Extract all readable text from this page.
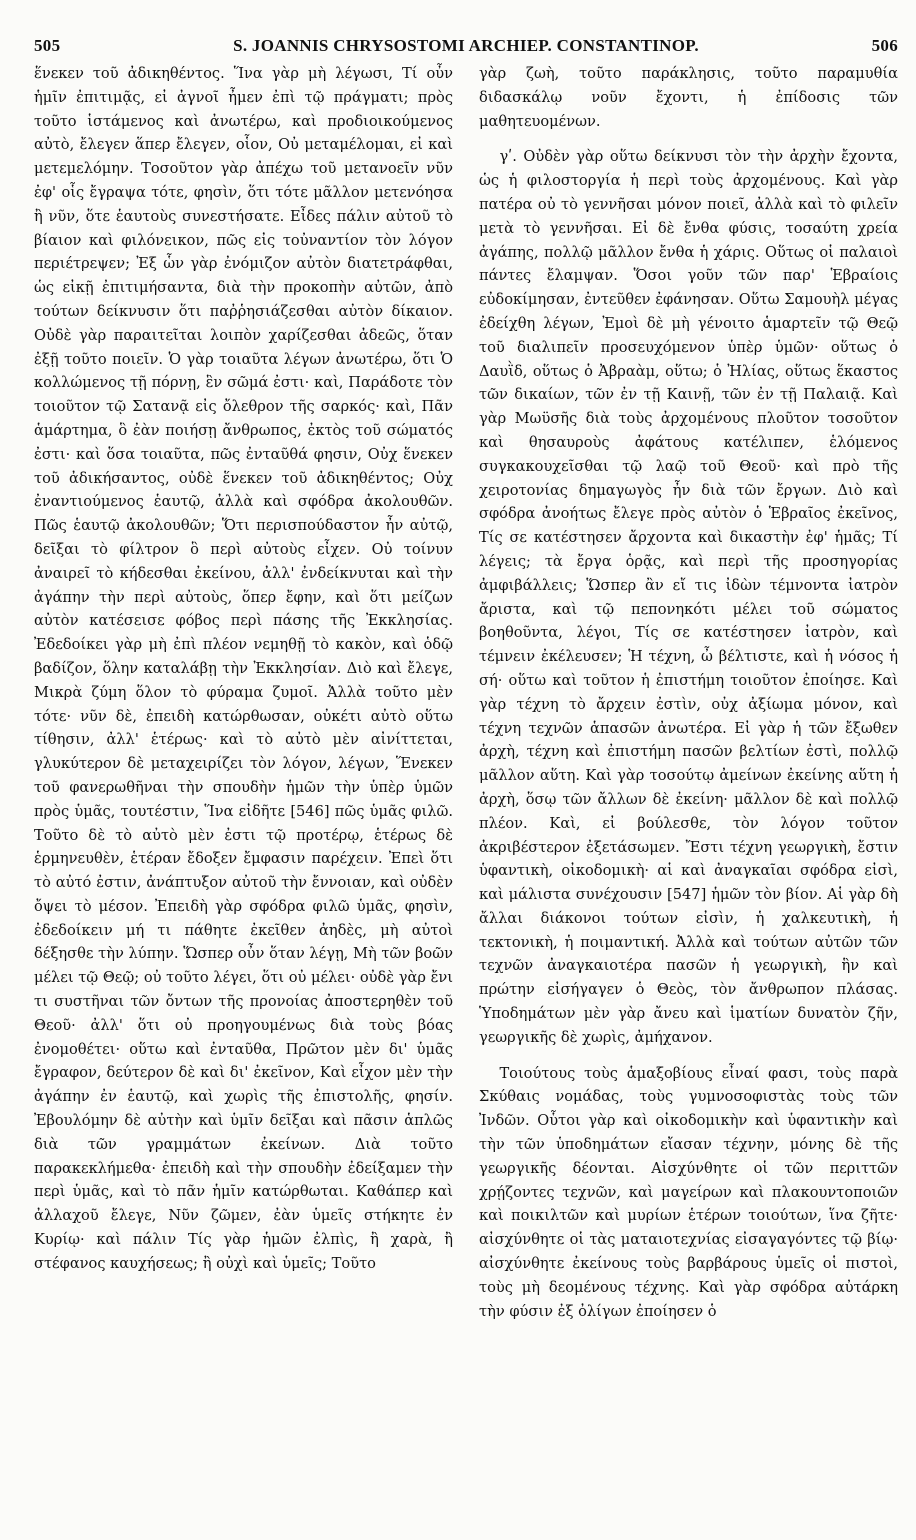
505	S. JOANNIS CHRYSOSTOMI ARCHIEP. CONSTANTINOP.	506

ἕνεκεν τοῦ ἀδικηθέντος. Ἵνα γὰρ μὴ λέγωσι, Τί οὖν ἡμῖν ἐπιτιμᾷς, εἰ ἀγνοῖ ἦμεν ἐπὶ τῷ πράγματι; πρὸς τοῦτο ἱστάμενος καὶ ἀνωτέρω, καὶ προδιοικούμενος αὐτὸ, ἔλεγεν ἅπερ ἔλεγεν, οἷον, Οὐ μεταμέλομαι, εἰ καὶ μετεμελόμην. Τοσοῦτον γὰρ ἀπέχω τοῦ μετανοεῖν νῦν ἐφ' οἷς ἔγραψα τότε, φησὶν, ὅτι τότε μᾶλλον μετενόησα ἢ νῦν, ὅτε ἑαυτοὺς συνεστήσατε. Εἶδες πάλιν αὐτοῦ τὸ βίαιον καὶ φιλόνεικον, πῶς εἰς τοὐναντίον τὸν λόγον περιέτρεψεν; Ἐξ ὧν γὰρ ἐνόμιζον αὐτὸν διατετράφθαι, ὡς εἰκῇ ἐπιτιμήσαντα, διὰ τὴν προκοπὴν αὐτῶν, ἀπὸ τούτων δείκνυσιν ὅτι παῤῥησιάζεσθαι αὐτὸν δίκαιον. Οὐδὲ γὰρ παραιτεῖται λοιπὸν χαρίζεσθαι ἀδεῶς, ὅταν ἐξῇ τοῦτο ποιεῖν. Ὁ γὰρ τοιαῦτα λέγων ἀνωτέρω, ὅτι Ὁ κολλώμενος τῇ πόρνῃ, ἓν σῶμά ἐστι· καὶ, Παράδοτε τὸν τοιοῦτον τῷ Σατανᾷ εἰς ὄλεθρον τῆς σαρκός· καὶ, Πᾶν ἁμάρτημα, ὃ ἐὰν ποιήσῃ ἄνθρωπος, ἐκτὸς τοῦ σώματός ἐστι· καὶ ὅσα τοιαῦτα, πῶς ἐνταῦθά φησιν, Οὐχ ἕνεκεν τοῦ ἀδικήσαντος, οὐδὲ ἕνεκεν τοῦ ἀδικηθέντος; Οὐχ ἐναντιούμενος ἑαυτῷ, ἀλλὰ καὶ σφόδρα ἀκολουθῶν. Πῶς ἑαυτῷ ἀκολουθῶν; Ὅτι περισπούδαστον ἦν αὐτῷ, δεῖξαι τὸ φίλτρον ὃ περὶ αὐτοὺς εἶχεν. Οὐ τοίνυν ἀναιρεῖ τὸ κήδεσθαι ἐκείνου, ἀλλ' ἐνδείκνυται καὶ τὴν ἀγάπην τὴν περὶ αὐτοὺς, ὅπερ ἔφην, καὶ ὅτι μείζων αὐτὸν κατέσεισε φόβος περὶ πάσης τῆς Ἐκκλησίας. Ἐδεδοίκει γὰρ μὴ ἐπὶ πλέον νεμηθῇ τὸ κακὸν, καὶ ὁδῷ βαδίζον, ὅλην καταλάβῃ τὴν Ἐκκλησίαν. Διὸ καὶ ἔλεγε, Μικρὰ ζύμη ὅλον τὸ φύραμα ζυμοῖ. Ἀλλὰ τοῦτο μὲν τότε· νῦν δὲ, ἐπειδὴ κατώρθωσαν, οὐκέτι αὐτὸ οὕτω τίθησιν, ἀλλ' ἑτέρως· καὶ τὸ αὐτὸ μὲν αἰνίττεται, γλυκύτερον δὲ μεταχειρίζει τὸν λόγον, λέγων, Ἕνεκεν τοῦ φανερωθῆναι τὴν σπουδὴν ἡμῶν τὴν ὑπὲρ ὑμῶν πρὸς ὑμᾶς, τουτέστιν, Ἵνα εἰδῆτε [546] πῶς ὑμᾶς φιλῶ. Τοῦτο δὲ τὸ αὐτὸ μὲν ἐστι τῷ προτέρῳ, ἑτέρως δὲ ἑρμηνευθὲν, ἑτέραν ἔδοξεν ἔμφασιν παρέχειν. Ἐπεὶ ὅτι τὸ αὐτό ἐστιν, ἀνάπτυξον αὐτοῦ τὴν ἔννοιαν, καὶ οὐδὲν ὄψει τὸ μέσον. Ἐπειδὴ γὰρ σφόδρα φιλῶ ὑμᾶς, φησὶν, ἐδεδοίκειν μή τι πάθητε ἐκεῖθεν ἀηδὲς, μὴ αὐτοὶ δέξησθε τὴν λύπην. Ὥσπερ οὖν ὅταν λέγῃ, Μὴ τῶν βοῶν μέλει τῷ Θεῷ; οὐ τοῦτο λέγει, ὅτι οὐ μέλει· οὐδὲ γὰρ ἔνι τι συστῆναι τῶν ὄντων τῆς προνοίας ἀποστερηθὲν τοῦ Θεοῦ· ἀλλ' ὅτι οὐ προηγουμένως διὰ τοὺς βόας ἐνομοθέτει· οὕτω καὶ ἐνταῦθα, Πρῶτον μὲν δι' ὑμᾶς ἔγραφον, δεύτερον δὲ καὶ δι' ἐκεῖνον, Καὶ εἶχον μὲν τὴν ἀγάπην ἐν ἑαυτῷ, καὶ χωρὶς τῆς ἐπιστολῆς, φησίν. Ἐβουλόμην δὲ αὐτὴν καὶ ὑμῖν δεῖξαι καὶ πᾶσιν ἁπλῶς διὰ τῶν γραμμάτων ἐκείνων. Διὰ τοῦτο παρακεκλήμεθα· ἐπειδὴ καὶ τὴν σπουδὴν ἐδείξαμεν τὴν περὶ ὑμᾶς, καὶ τὸ πᾶν ἡμῖν κατώρθωται. Καθάπερ καὶ ἀλλαχοῦ ἔλεγε, Νῦν ζῶμεν, ἐὰν ὑμεῖς στήκητε ἐν Κυρίῳ· καὶ πάλιν Τίς γὰρ ἡμῶν ἐλπὶς, ἢ χαρὰ, ἢ στέφανος καυχήσεως; ἢ οὐχὶ καὶ ὑμεῖς; Τοῦτο

γὰρ ζωὴ, τοῦτο παράκλησις, τοῦτο παραμυθία διδασκάλῳ νοῦν ἔχοντι, ἡ ἐπίδοσις τῶν μαθητευομένων.

γʹ. Οὐδὲν γὰρ οὕτω δείκνυσι τὸν τὴν ἀρχὴν ἔχοντα, ὡς ἡ φιλοστοργία ἡ περὶ τοὺς ἀρχομένους. Καὶ γὰρ πατέρα οὐ τὸ γεννῆσαι μόνον ποιεῖ, ἀλλὰ καὶ τὸ φιλεῖν μετὰ τὸ γεννῆσαι. Εἰ δὲ ἔνθα φύσις, τοσαύτη χρεία ἀγάπης, πολλῷ μᾶλλον ἔνθα ἡ χάρις. Οὕτως οἱ παλαιοὶ πάντες ἔλαμψαν. Ὅσοι γοῦν τῶν παρ' Ἑβραίοις εὐδοκίμησαν, ἐντεῦθεν ἐφάνησαν. Οὕτω Σαμουὴλ μέγας ἐδείχθη λέγων, Ἐμοὶ δὲ μὴ γένοιτο ἁμαρτεῖν τῷ Θεῷ τοῦ διαλιπεῖν προσευχόμενον ὑπὲρ ὑμῶν· οὕτως ὁ Δαυῒδ, οὕτως ὁ Ἀβραὰμ, οὕτω; ὁ Ἠλίας, οὕτως ἕκαστος τῶν δικαίων, τῶν ἐν τῇ Καινῇ, τῶν ἐν τῇ Παλαιᾷ. Καὶ γὰρ Μωϋσῆς διὰ τοὺς ἀρχομένους πλοῦτον τοσοῦτον καὶ θησαυροὺς ἀφάτους κατέλιπεν, ἑλόμενος συγκακουχεῖσθαι τῷ λαῷ τοῦ Θεοῦ· καὶ πρὸ τῆς χειροτονίας δημαγωγὸς ἦν διὰ τῶν ἔργων. Διὸ καὶ σφόδρα ἀνοήτως ἔλεγε πρὸς αὐτὸν ὁ Ἑβραῖος ἐκεῖνος, Τίς σε κατέστησεν ἄρχοντα καὶ δικαστὴν ἐφ' ἡμᾶς; Τί λέγεις; τὰ ἔργα ὁρᾷς, καὶ περὶ τῆς προσηγορίας ἀμφιβάλλεις; Ὥσπερ ἂν εἴ τις ἰδὼν τέμνοντα ἰατρὸν ἄριστα, καὶ τῷ πεπονηκότι μέλει τοῦ σώματος βοηθοῦντα, λέγοι, Τίς σε κατέστησεν ἰατρὸν, καὶ τέμνειν ἐκέλευσεν; Ἡ τέχνη, ὦ βέλτιστε, καὶ ἡ νόσος ἡ σή· οὕτω καὶ τοῦτον ἡ ἐπιστήμη τοιοῦτον ἐποίησε. Καὶ γὰρ τέχνη τὸ ἄρχειν ἐστὶν, οὐχ ἀξίωμα μόνον, καὶ τέχνη τεχνῶν ἁπασῶν ἀνωτέρα. Εἰ γὰρ ἡ τῶν ἔξωθεν ἀρχὴ, τέχνη καὶ ἐπιστήμη πασῶν βελτίων ἐστὶ, πολλῷ μᾶλλον αὕτη. Καὶ γὰρ τοσούτῳ ἀμείνων ἐκείνης αὕτη ἡ ἀρχὴ, ὅσῳ τῶν ἄλλων δὲ ἐκείνη· μᾶλλον δὲ καὶ πολλῷ πλέον. Καὶ, εἰ βούλεσθε, τὸν λόγον τοῦτον ἀκριβέστερον ἐξετάσωμεν. Ἔστι τέχνη γεωργικὴ, ἔστιν ὑφαντικὴ, οἰκοδομικὴ· αἱ καὶ ἀναγκαῖαι σφόδρα εἰσὶ, καὶ μάλιστα συνέχουσιν [547] ἡμῶν τὸν βίον. Αἱ γὰρ δὴ ἄλλαι διάκονοι τούτων εἰσὶν, ἡ χαλκευτικὴ, ἡ τεκτονικὴ, ἡ ποιμαντική. Ἀλλὰ καὶ τούτων αὐτῶν τῶν τεχνῶν ἀναγκαιοτέρα πασῶν ἡ γεωργικὴ, ἣν καὶ πρώτην εἰσήγαγεν ὁ Θεὸς, τὸν ἄνθρωπον πλάσας. Ὑποδημάτων μὲν γὰρ ἄνευ καὶ ἱματίων δυνατὸν ζῆν, γεωργικῆς δὲ χωρὶς, ἀμήχανον.

Τοιούτους τοὺς ἁμαξοβίους εἶναί φασι, τοὺς παρὰ Σκύθαις νομάδας, τοὺς γυμνοσοφιστὰς τοὺς τῶν Ἰνδῶν. Οὗτοι γὰρ καὶ οἰκοδομικὴν καὶ ὑφαντικὴν καὶ τὴν τῶν ὑποδημάτων εἴασαν τέχνην, μόνης δὲ τῆς γεωργικῆς δέονται. Αἰσχύνθητε οἱ τῶν περιττῶν χρῄζοντες τεχνῶν, καὶ μαγείρων καὶ πλακουντοποιῶν καὶ ποικιλτῶν καὶ μυρίων ἑτέρων τοιούτων, ἵνα ζῆτε· αἰσχύνθητε οἱ τὰς ματαιοτεχνίας εἰσαγαγόντες τῷ βίῳ· αἰσχύνθητε ἐκείνους τοὺς βαρβάρους ὑμεῖς οἱ πιστοὶ, τοὺς μὴ δεομένους τέχνης. Καὶ γὰρ σφόδρα αὐτάρκη τὴν φύσιν ἐξ ὀλίγων ἐποίησεν ὁ
